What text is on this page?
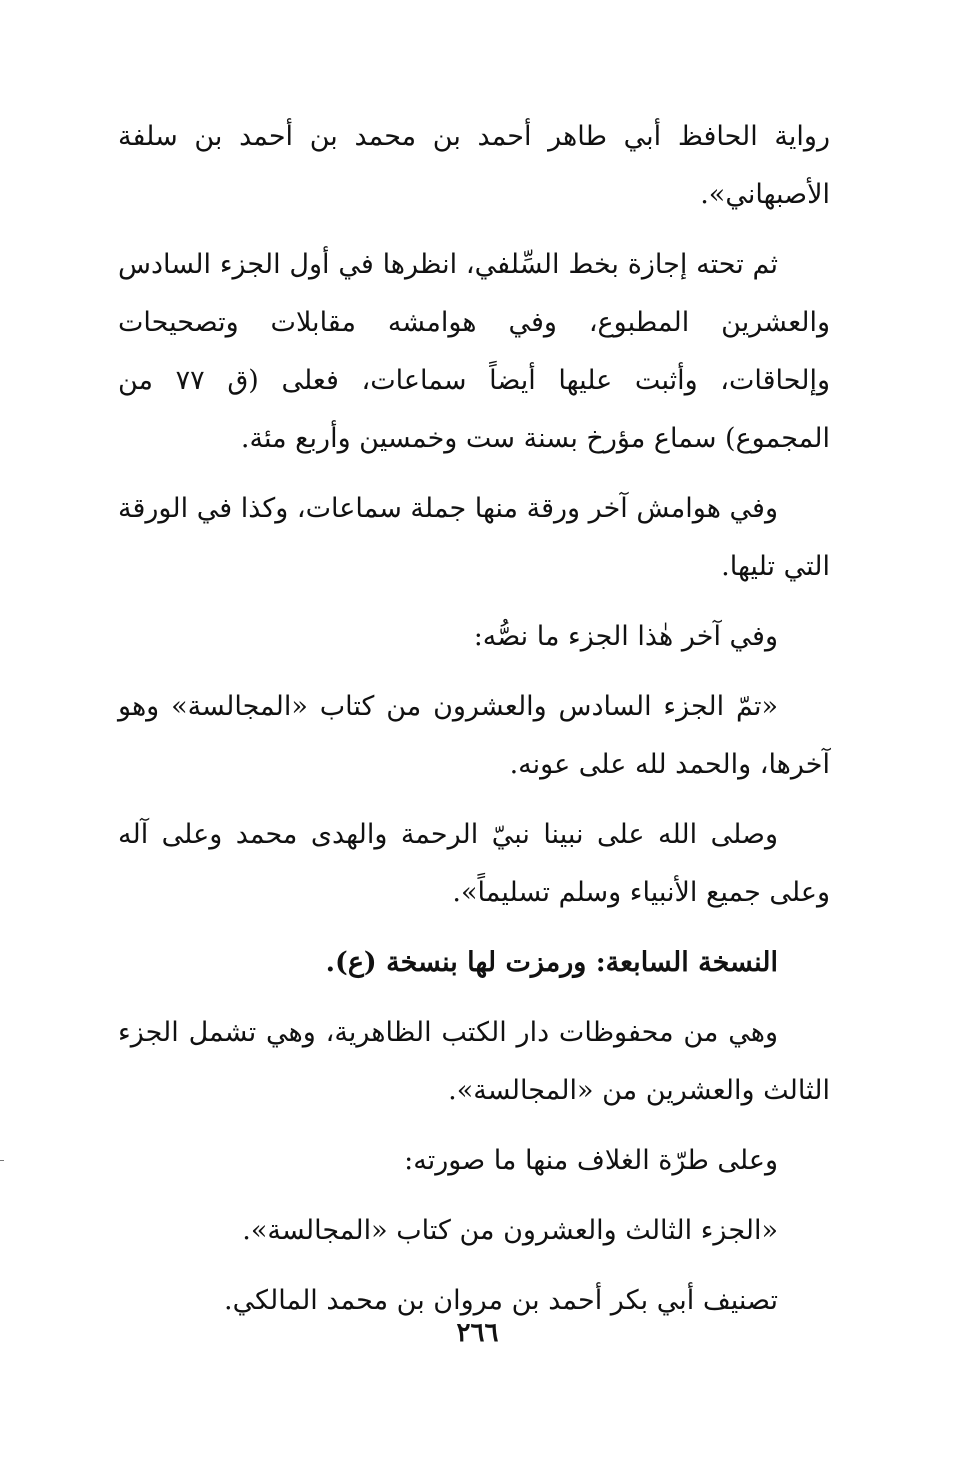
رواية الحافظ أبي طاهر أحمد بن محمد بن أحمد بن سلفة الأصبهاني».

ثم تحته إجازة بخط السِّلفي، انظرها في أول الجزء السادس والعشرين المطبوع، وفي هوامشه مقابلات وتصحيحات وإلحاقات، وأثبت عليها أيضاً سماعات، فعلى (ق ٧٧ من المجموع) سماع مؤرخ بسنة ست وخمسين وأربع مئة.

وفي هوامش آخر ورقة منها جملة سماعات، وكذا في الورقة التي تليها.

وفي آخر هٰذا الجزء ما نصُّه:

«تمّ الجزء السادس والعشرون من كتاب «المجالسة» وهو آخرها، والحمد لله على عونه.

وصلى الله على نبينا نبيّ الرحمة والهدى محمد وعلى آله وعلى جميع الأنبياء وسلم تسليماً».

النسخة السابعة: ورمزت لها بنسخة (ع).

وهي من محفوظات دار الكتب الظاهرية، وهي تشمل الجزء الثالث والعشرين من «المجالسة».

وعلى طرّة الغلاف منها ما صورته:

«الجزء الثالث والعشرون من كتاب «المجالسة».

تصنيف أبي بكر أحمد بن مروان بن محمد المالكي.

٢٦٦
